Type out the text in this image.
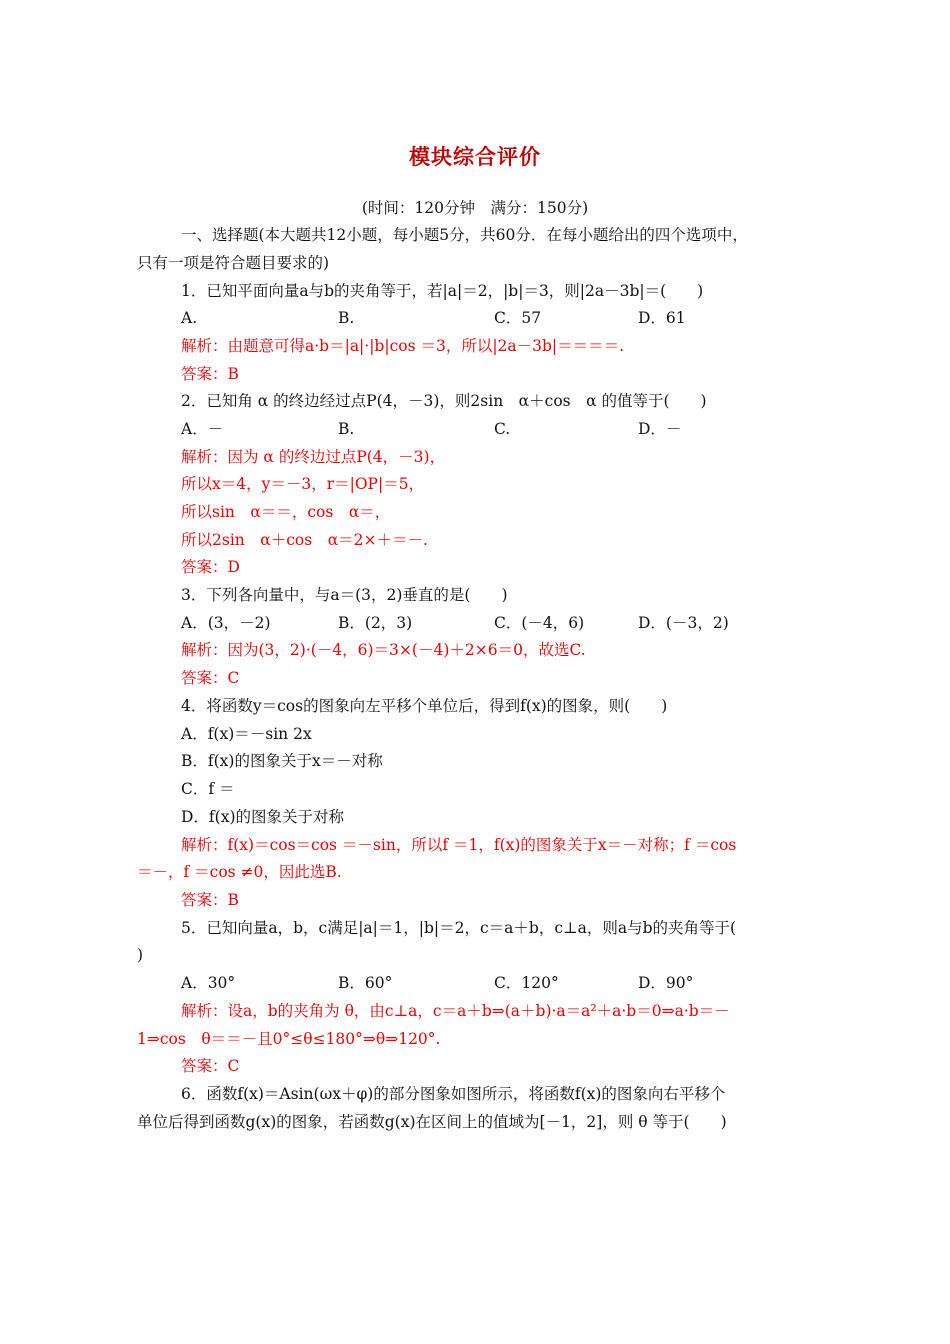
模块综合评价
(时间：120分钟　满分：150分)
一、选择题(本大题共12小题，每小题5分，共60分．在每小题给出的四个选项中，
只有一项是符合题目要求的)
1．已知平面向量a与b的夹角等于，若|a|＝2，|b|＝3，则|2a－3b|＝(　　)
A.	B.	C．57	D．61
解析：由题意可得a·b＝|a|·|b|cos ＝3，所以|2a－3b|＝＝＝＝.
答案：B
2．已知角 α 的终边经过点P(4，－3)，则2sin　α＋cos　α 的值等于(　　)
A．－	B.	C.	D．－
解析：因为 α 的终边过点P(4，－3)，
所以x＝4，y＝－3，r＝|OP|＝5，
所以sin　α＝＝，cos　α＝，
所以2sin　α＋cos　α＝2×＋＝－.
答案：D
3．下列各向量中，与a＝(3，2)垂直的是(　　)
A．(3，－2)	B．(2，3)	C．(－4，6)	D．(－3，2)
解析：因为(3，2)·(－4，6)＝3×(－4)＋2×6＝0，故选C.
答案：C
4．将函数y＝cos的图象向左平移个单位后，得到f(x)的图象，则(　　)
A．f(x)＝－sin 2x
B．f(x)的图象关于x＝－对称
C．f ＝
D．f(x)的图象关于对称
解析：f(x)＝cos＝cos ＝－sin，所以f ＝1，f(x)的图象关于x＝－对称；f ＝cos
＝－，f ＝cos ≠0，因此选B.
答案：B
5．已知向量a，b，c满足|a|＝1，|b|＝2，c＝a＋b，c⊥a，则a与b的夹角等于(
)
A．30°	B．60°	C．120°	D．90°
解析：设a，b的夹角为 θ，由c⊥a，c＝a＋b⇒(a＋b)·a＝a²＋a·b＝0⇒a·b＝－
1⇒cos　θ＝＝－且0°≤θ≤180°⇒θ⇒120°.
答案：C
6．函数f(x)＝Asin(ωx＋φ)的部分图象如图所示，将函数f(x)的图象向右平移个
单位后得到函数g(x)的图象，若函数g(x)在区间上的值域为[－1，2]，则 θ 等于(　　)
